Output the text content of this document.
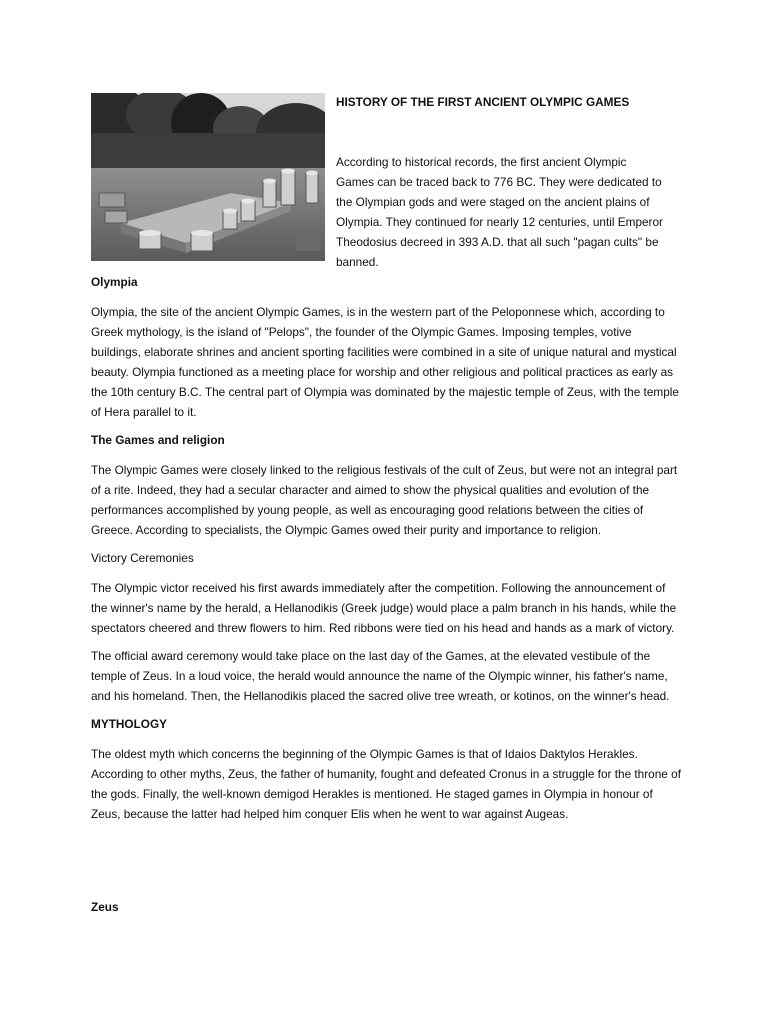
HISTORY OF THE FIRST ANCIENT OLYMPIC GAMES

According to historical records, the first ancient Olympic Games can be traced back to 776 BC. They were dedicated to the Olympian gods and were staged on the ancient plains of Olympia. They continued for nearly 12 centuries, until Emperor Theodosius decreed in 393 A.D. that all such "pagan cults" be banned.

Olympia

Olympia, the site of the ancient Olympic Games, is in the western part of the Peloponnese which, according to Greek mythology, is the island of "Pelops", the founder of the Olympic Games. Imposing temples, votive buildings, elaborate shrines and ancient sporting facilities were combined in a site of unique natural and mystical beauty. Olympia functioned as a meeting place for worship and other religious and political practices as early as the 10th century B.C. The central part of Olympia was dominated by the majestic temple of Zeus, with the temple of Hera parallel to it.

The Games and religion

The Olympic Games were closely linked to the religious festivals of the cult of Zeus, but were not an integral part of a rite. Indeed, they had a secular character and aimed to show the physical qualities and evolution of the performances accomplished by young people, as well as encouraging good relations between the cities of Greece. According to specialists, the Olympic Games owed their purity and importance to religion.

Victory Ceremonies

The Olympic victor received his first awards immediately after the competition. Following the announcement of the winner's name by the herald, a Hellanodikis (Greek judge) would place a palm branch in his hands, while the spectators cheered and threw flowers to him. Red ribbons were tied on his head and hands as a mark of victory.

The official award ceremony would take place on the last day of the Games, at the elevated vestibule of the temple of Zeus. In a loud voice, the herald would announce the name of the Olympic winner, his father's name, and his homeland. Then, the Hellanodikis placed the sacred olive tree wreath, or kotinos, on the winner's head.

MYTHOLOGY

The oldest myth which concerns the beginning of the Olympic Games is that of Idaios Daktylos Herakles. According to other myths, Zeus, the father of humanity, fought and defeated Cronus in a struggle for the throne of the gods. Finally, the well-known demigod Herakles is mentioned. He staged games in Olympia in honour of Zeus, because the latter had helped him conquer Elis when he went to war against Augeas.

Zeus
